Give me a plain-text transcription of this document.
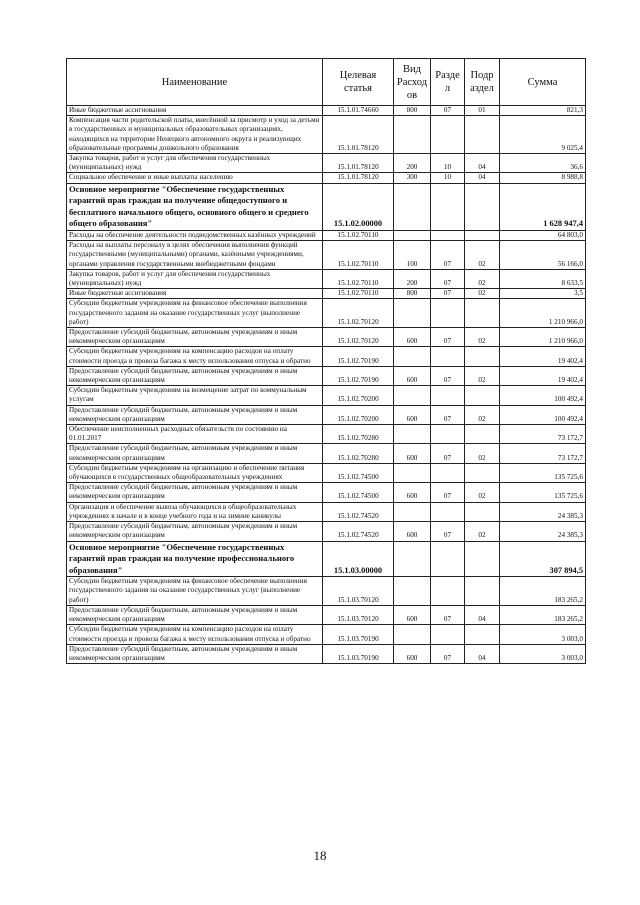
Наименование	Целевая статья	Вид Расход ов	Разде л	Подр аздел	Сумма
Иные бюджетные ассигнования	15.1.01.74660	800	07	01	821,3
Компенсация части родительской платы, внесённой за присмотр и уход за детьми в государственных и муниципальных образовательных организациях, находящихся на территории Ненецкого автономного округа и реализующих образовательные программы дошкольного образования	15.1.01.78120				9 025,4
Закупка товаров, работ и услуг для обеспечения государственных (муниципальных) нужд	15.1.01.78120	200	10	04	36,6
Социальное обеспечение и иные выплаты населению	15.1.01.78120	300	10	04	8 988,8
Основное мероприятие "Обеспечение государственных гарантий прав граждан на получение общедоступного и бесплатного начального общего, основного общего и среднего общего образования"	15.1.02.00000				1 628 947,4
Расходы на обеспечение деятельности подведомственных казённых учреждений	15.1.02.70110				64 803,0
Расходы на выплаты персоналу в целях обеспечения выполнения функций государственными (муниципальными) органами, казёнными учреждениями, органами управления государственными внебюджетными фондами	15.1.02.70110	100	07	02	56 166,0
Закупка товаров, работ и услуг для обеспечения государственных (муниципальных) нужд	15.1.02.70110	200	07	02	8 633,5
Иные бюджетные ассигнования	15.1.02.70110	800	07	02	3,5
Субсидии бюджетным учреждениям на финансовое обеспечение выполнения государственного задания на оказание государственных услуг (выполнение работ)	15.1.02.70120				1 210 966,0
Предоставление субсидий бюджетным, автономным учреждениям и иным некоммерческим организациям	15.1.02.70120	600	07	02	1 210 966,0
Субсидии бюджетным учреждениям на компенсацию расходов на оплату стоимости проезда и провоза багажа к месту использования отпуска и обратно	15.1.02.70190				19 402,4
Предоставление субсидий бюджетным, автономным учреждениям и иным некоммерческим организациям	15.1.02.70190	600	07	02	19 402,4
Субсидии бюджетным учреждениям на возмещение затрат по коммунальным услугам	15.1.02.70200				100 492,4
Предоставление субсидий бюджетным, автономным учреждениям и иным некоммерческим организациям	15.1.02.70200	600	07	02	100 492,4
Обеспечение неисполненных расходных обязательств по состоянию на 01.01.2017	15.1.02.70280				73 172,7
Предоставление субсидий бюджетным, автономным учреждениям и иным некоммерческим организациям	15.1.02.70280	600	07	02	73 172,7
Субсидии бюджетным учреждениям на организацию и обеспечение питания обучающихся в государственных общеобразовательных учреждениях	15.1.02.74500				135 725,6
Предоставление субсидий бюджетным, автономным учреждениям и иным некоммерческим организациям	15.1.02.74500	600	07	02	135 725,6
Организация и обеспечение вывоза обучающихся в общеобразовательных учреждениях в начале и в конце учебного года и на зимние каникулы	15.1.02.74520				24 385,3
Предоставление субсидий бюджетным, автономным учреждениям и иным некоммерческим организациям	15.1.02.74520	600	07	02	24 385,3
Основное мероприятие "Обеспечение государственных гарантий прав граждан на получение профессионального образования"	15.1.03.00000				307 894,5
Субсидии бюджетным учреждениям на финансовое обеспечение выполнения государственного задания на оказание государственных услуг (выполнение работ)	15.1.03.70120				183 265,2
Предоставление субсидий бюджетным, автономным учреждениям и иным некоммерческим организациям	15.1.03.70120	600	07	04	183 265,2
Субсидии бюджетным учреждениям на компенсацию расходов на оплату стоимости проезда и провоза багажа к месту использования отпуска и обратно	15.1.03.70190				3 003,0
Предоставление субсидий бюджетным, автономным учреждениям и иным некоммерческим организациям	15.1.03.70190	600	07	04	3 003,0
18
